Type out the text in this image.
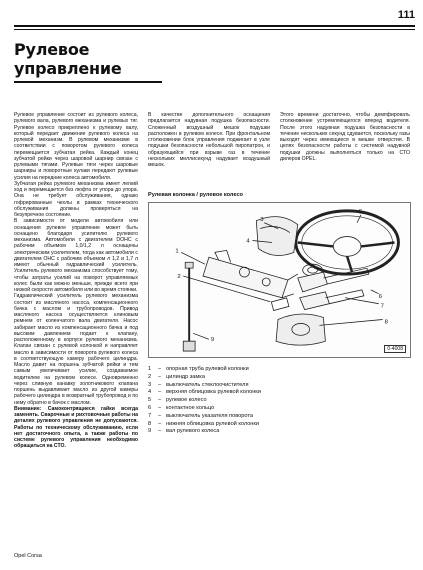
111
Рулевое управление

Рулевое управление состоит из рулевого колеса, рулевого вала, рулевого механизма и рулевых тяг. Рулевое колесо прикреплено к рулевому валу, который передает движение рулевого колеса на рулевой механизм. В рулевом механизме в соответствии с поворотом рулевого колеса перемещается зубчатая рейка. Каждый конец зубчатой рейки через шаровой шарнир связан с рулевыми тягами. Рулевые тяги через шаровые шарниры и поворотные кулаки передают рулевые усилия на передние колеса автомобиля.

Зубчатая рейка рулевого механизма имеет легкий ход и перемещается без люфта от упора до упора. Она не требует обслуживания, однако гофрированные чехлы в рамках технического обслуживания должны проверяться на безупречное состояние.

В зависимости от модели автомобиля или оснащения рулевое управление может быть оснащено благодаря усилителю рулевого механизма. Автомобили с двигателем DOHC с рабочим объемом 1,0/1,2 л оснащены электрическим усилителем, тогда как автомобили с двигателем OHC с рабочим объемом л 1,2 и 1,7 л имеют обычный гидравлический усилитель. Усилитель рулевого механизма способствует тому, чтобы затраты усилий на поворот управляемых колес были как можно меньше, прежде всего при низкой скорости автомобиля или во время стоянки.

Гидравлический усилитель рулевого механизма состоит из масляного насоса, компенсационного бачка с маслом и трубопроводов. Привод масляного насоса осуществляется клиновым ремнем от коленчатого вала двигателя. Насос забирает масло из компенсационного бачка и под высоким давлением подает к клапану, расположенному в корпусе рулевого механизма. Клапан связан с рулевой колонкой и направляет масло в зависимости от поворота рулевого колеса в соответствующую камеру рабочего цилиндра. Масло давит на поршень зубчатой рейки и тем самым увеличивает усилие, создаваемое водителем на рулевом колесе. Одновременно через сливную канавку золотникового клапана поршень выдавливает масло из другой камеры рабочего цилиндра в возвратный трубопровод и по нему обратно в бачок с маслом.

Внимание: Самоконтрящиеся гайки всегда заменять. Сварочные и рихтовочные работы на деталях рулевого управления не допускаются. Работы по техническому обслуживанию, если нет достаточного опыта, а также работы по системе рулевого управления необходимо обращаться на СТО.

В качестве дополнительного оснащения предлагается надувная подушка безопасности. Сложенный воздушный мешок подушки расположен в рулевом колесе. При фронтальном столкновении блок управления поджигает в узле подушки безопасности небольшой пиропатрон, и образующийся при взрыве газ в течение нескольких миллисекунд надувает воздушный мешок.

Этого времени достаточно, чтобы демпфировать столкновение устремляющегося вперед водителя. После этого надувная подушка безопасности в течение нескольких секунд сдувается, поскольку газы выходят через имеющиеся в мешке отверстия. В целях безопасности работы с системой надувной подушки должны выполняться только на СТО дилеров OPEL.

Рулевая колонка / рулевое колесо
1
2
3
4
5
6
7
8
9
0-4008
1	– опорная труба рулевой колонки
2	– цилиндр замка
3	– выключатель стеклоочистителя
4	– верхняя облицовка рулевой колонки
5	– рулевое колесо
6	– контактное кольцо
7	– выключатель указателя поворота
8	– нижняя облицовка рулевой колонки
9	– вал рулевого колеса
Opel Corsa
